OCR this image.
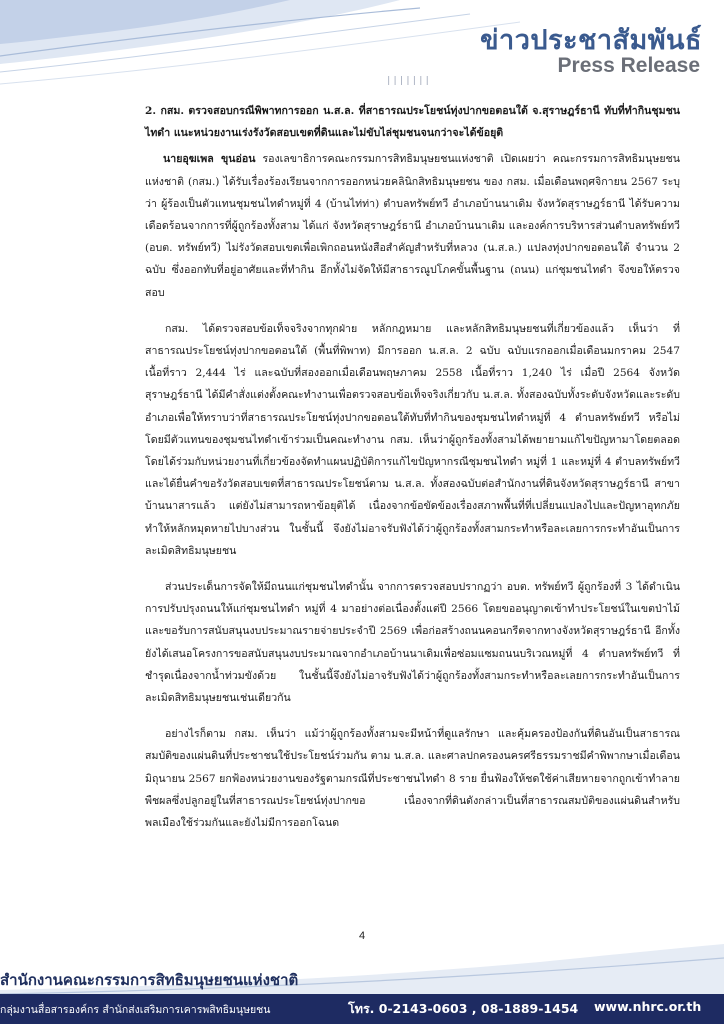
ข่าวประชาสัมพันธ์
Press Release
|||||||

2. กสม. ตรวจสอบกรณีพิพาทการออก น.ส.ล. ที่สาธารณประโยชน์ทุ่งปากขอตอนใต้ จ.สุราษฎร์ธานี ทับที่ทำกินชุมชนไทดำ แนะหน่วยงานเร่งรังวัดสอบเขตที่ดินและไม่ขับไล่ชุมชนจนกว่าจะได้ข้อยุติ

นายอุฆเพล ขุนอ่อน รองเลขาธิการคณะกรรมการสิทธิมนุษยชนแห่งชาติ เปิดเผยว่า คณะกรรมการสิทธิมนุษยชนแห่งชาติ (กสม.) ได้รับเรื่องร้องเรียนจากการออกหน่วยคลินิกสิทธิมนุษยชน ของ กสม. เมื่อเดือนพฤศจิกายน 2567 ระบุว่า ผู้ร้องเป็นตัวแทนชุมชนไทดำหมู่ที่ 4 (บ้านไท่ท่า) ตำบลทรัพย์ทวี อำเภอบ้านนาเดิม จังหวัดสุราษฎร์ธานี ได้รับความเดือดร้อนจากการที่ผู้ถูกร้องทั้งสาม ได้แก่ จังหวัดสุราษฎร์ธานี อำเภอบ้านนาเดิม และองค์การบริหารส่วนตำบลทรัพย์ทวี (อบต. ทรัพย์ทวี) ไม่รังวัดสอบเขตเพื่อเพิกถอนหนังสือสำคัญสำหรับที่หลวง (น.ส.ล.) แปลงทุ่งปากขอตอนใต้ จำนวน 2 ฉบับ ซึ่งออกทับที่อยู่อาศัยและที่ทำกิน อีกทั้งไม่จัดให้มีสาธารณูปโภคขั้นพื้นฐาน (ถนน) แก่ชุมชนไทดำ จึงขอให้ตรวจสอบ

กสม. ได้ตรวจสอบข้อเท็จจริงจากทุกฝ่าย หลักกฎหมาย และหลักสิทธิมนุษยชนที่เกี่ยวข้องแล้ว เห็นว่า ที่สาธารณประโยชน์ทุ่งปากขอตอนใต้ (พื้นที่พิพาท) มีการออก น.ส.ล. 2 ฉบับ ฉบับแรกออกเมื่อเดือนมกราคม 2547 เนื้อที่ราว 2,444 ไร่ และฉบับที่สองออกเมื่อเดือนพฤษภาคม 2558 เนื้อที่ราว 1,240 ไร่ เมื่อปี 2564 จังหวัดสุราษฎร์ธานี ได้มีคำสั่งแต่งตั้งคณะทำงานเพื่อตรวจสอบข้อเท็จจริงเกี่ยวกับ น.ส.ล. ทั้งสองฉบับทั้งระดับจังหวัดและระดับอำเภอเพื่อให้ทราบว่าที่สาธารณประโยชน์ทุ่งปากขอตอนใต้ทับที่ทำกินของชุมชนไทดำหมู่ที่ 4 ตำบลทรัพย์ทวี หรือไม่ โดยมีตัวแทนของชุมชนไทดำเข้าร่วมเป็นคณะทำงาน กสม. เห็นว่าผู้ถูกร้องทั้งสามได้พยายามแก้ไขปัญหามาโดยตลอด โดยได้ร่วมกับหน่วยงานที่เกี่ยวข้องจัดทำแผนปฏิบัติการแก้ไขปัญหากรณีชุมชนไทดำ หมู่ที่ 1 และหมู่ที่ 4 ตำบลทรัพย์ทวี และได้ยื่นคำขอรังวัดสอบเขตที่สาธารณประโยชน์ตาม น.ส.ล. ทั้งสองฉบับต่อสำนักงานที่ดินจังหวัดสุราษฎร์ธานี สาขาบ้านนาสารแล้ว แต่ยังไม่สามารถหาข้อยุติได้ เนื่องจากข้อขัดข้องเรื่องสภาพพื้นที่ที่เปลี่ยนแปลงไปและปัญหาอุทกภัยทำให้หลักหมุดหายไปบางส่วน ในชั้นนี้ จึงยังไม่อาจรับฟังได้ว่าผู้ถูกร้องทั้งสามกระทำหรือละเลยการกระทำอันเป็นการละเมิดสิทธิมนุษยชน

ส่วนประเด็นการจัดให้มีถนนแก่ชุมชนไทดำนั้น จากการตรวจสอบปรากฏว่า อบต. ทรัพย์ทวี ผู้ถูกร้องที่ 3 ได้ดำเนินการปรับปรุงถนนให้แก่ชุมชนไทดำ หมู่ที่ 4 มาอย่างต่อเนื่องตั้งแต่ปี 2566 โดยขออนุญาตเข้าทำประโยชน์ในเขตป่าไม้ และขอรับการสนับสนุนงบประมาณรายจ่ายประจำปี 2569 เพื่อก่อสร้างถนนคอนกรีตจากทางจังหวัดสุราษฎร์ธานี อีกทั้งยังได้เสนอโครงการขอสนับสนุนงบประมาณจากอำเภอบ้านนาเดิมเพื่อซ่อมแซมถนนบริเวณหมู่ที่ 4 ตำบลทรัพย์ทวี ที่ชำรุดเนื่องจากน้ำท่วมขังด้วย ในชั้นนี้จึงยังไม่อาจรับฟังได้ว่าผู้ถูกร้องทั้งสามกระทำหรือละเลยการกระทำอันเป็นการละเมิดสิทธิมนุษยชนเช่นเดียวกัน

อย่างไรก็ตาม กสม. เห็นว่า แม้ว่าผู้ถูกร้องทั้งสามจะมีหน้าที่ดูแลรักษา และคุ้มครองป้องกันที่ดินอันเป็นสาธารณสมบัติของแผ่นดินที่ประชาชนใช้ประโยชน์ร่วมกัน ตาม น.ส.ล. และศาลปกครองนครศรีธรรมราชมีคำพิพากษาเมื่อเดือนมิถุนายน 2567 ยกฟ้องหน่วยงานของรัฐตามกรณีที่ประชาชนไทดำ 8 ราย ยื่นฟ้องให้ชดใช้ค่าเสียหายจากถูกเข้าทำลายพืชผลซึ่งปลูกอยู่ในที่สาธารณประโยชน์ทุ่งปากขอ เนื่องจากที่ดินดังกล่าวเป็นที่สาธารณสมบัติของแผ่นดินสำหรับพลเมืองใช้ร่วมกันและยังไม่มีการออกโฉนด

4
สำนักงานคณะกรรมการสิทธิมนุษยชนแห่งชาติ
กลุ่มงานสื่อสารองค์กร สำนักส่งเสริมการเคารพสิทธิมนุษยชน	โทร. 0-2143-0603 , 08-1889-1454 www.nhrc.or.th
